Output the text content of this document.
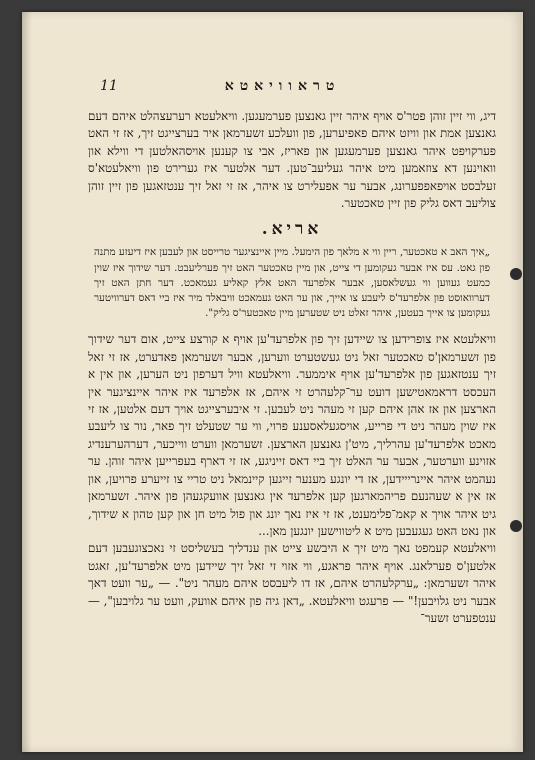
11	טראוויאטא

דיג, ווי זיין זוהן פטר'ס אויף איהר זיין גאנצען פערמעגען. וויאלעטא רערעצהלט איהם דעם גאנצען אמת און וויזט איהם פאפיערען, פון וועלכע זשערמאן איר בערצייגט זיך, אז זי האט פערקויפט איהר גאנצען פערמעגען און פאריז, אבי צו קענען אויסהאלטען די ווילא און וואוינען דא צוזאמען מיט איהר געליעב־טען. דער אלטער איז גערירט פון וויאלעטא'ס זעלבסט אויפאפפערונג, אבער ער אפעלירט צו איהר, אז זי זאל זיך ענטזאגען פון זיין זוהן צוליעב דאס גליק פון זיין טאכטער.

אריא.

„איך האב א טאכטער, ריין ווי א מלאך פון הימעל. מיין איינציגער טרייסט און לעבען איז דיעזע מתנה פון גאט. עס איז אבער געקומען די צייט, און מיין טאכטער האט זיך פערליעבט. דער שידוך איז שוין כמעט געווען ווי געשלאסען, אבער אלפרעד האט אלץ קאליע געמאכט. דער חתן האט זיך דערוואוסט פון אלפרעד'ס ליעבע צו אייך, און ער האט געמאכט וויבאלד מיר איז ביי דאס דערוויטער געקומען צו אייך בעטען, איהר זאלט ניט שטערען מיין טאכטער'ס גליק".

וויאלעטא איז צופרידען צו שיידען זיך פון אלפרעד'ען אויף א קורצע צייט, אום דער שידוך פון זשערמאן'ס טאכטער זאל ניט געשטערט ווערען, אבער זשערמאן פאדערט, אז זי זאל זיך ענטזאגען פון אלפרעד'ען אויף איממער. וויאלעטא וויל דערפון ניט הערען, און אין א העכסט דראמאטישען דועט ער־קלעהרט זי איהם, אז אלפרעד איז איהר איינציגער אין הארצען און אז אהן איהם קען זי מעהר ניט לעבען. זי איבערצייגט אויך דעם אלטען, אז זי איז שוין מעהר ניט די פרייע, אויסגעלאסענע פרוי, ווי ער שטעלט זיך פאר, נור צו ליעבע מאכט אלפרעד'ען עהרליך, מיט'ן גאנצען הארצען. זשערמאן ווערט ווייכער, דערהערענדיג אזוינע ווערטער, אבער ער האלט זיך ביי דאס זייניגע, אז זי דארף בעפרייען איהר זוהן. ער נעהמט איהר איינרייידען, אז די יונגע מענער זייגען קיינמאל ניט טריי צו זייערע פרויען, און אז אין א שעהנעם פריהמארגען קען אלפרעד אין גאנצען אוועקגעהן פון איהר. זשערמאן גיט איהר אויך א קאמ־פלימענט, אז זי איז נאך יונג און פול מיט חן און קען טהון א שידוך, און נאט האט געגעבען מיט א ליטווישען יונגען מאן...

וויאלעטא קעמפט נאך מיט זיך א היבשע צייט און ענדליך בעשליסט זי נאכצוגעבען דעם אלטען'ס פערלאנג. אויף איהר פראגע, ווי אזוי זי זאל זיך שיידען מיט אלפרעד'ען, זאגט איהר זשערמאן: „ערקלעהרט איהם, אז דו ליעבסט איהם מעהר ניט". — „ער וועט דאך אבער ניט גלויבען!" — פרעגט וויאלעטא. „דאן גיה פון איהם אוועק, וועט ער גלויבען", — ענטפערט זשער־
